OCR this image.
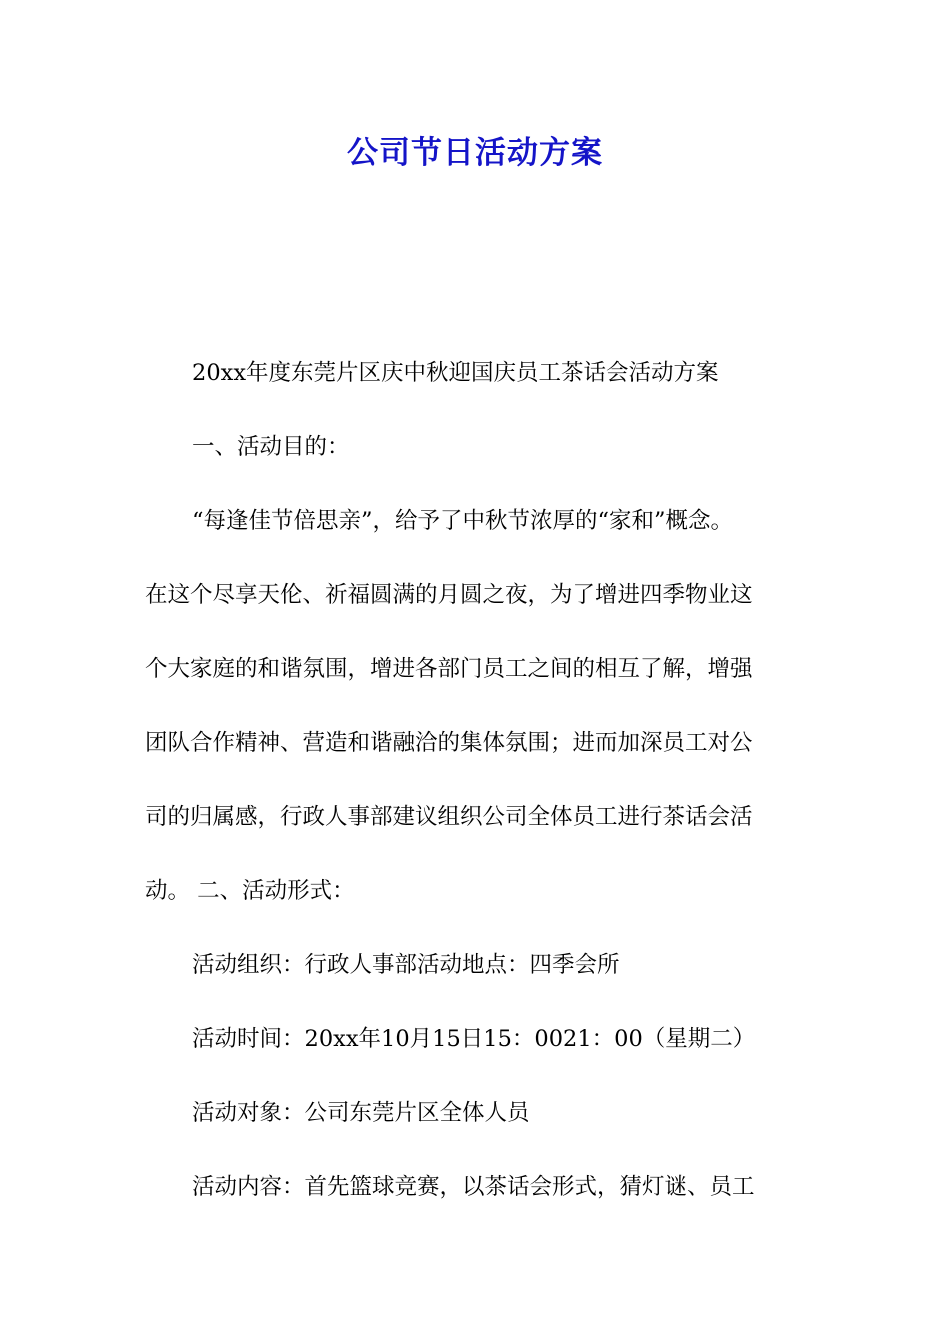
公司节日活动方案

20xx年度东莞片区庆中秋迎国庆员工茶话会活动方案

一、活动目的：

“每逢佳节倍思亲”，给予了中秋节浓厚的“家和”概念。

在这个尽享天伦、祈福圆满的月圆之夜，为了增进四季物业这

个大家庭的和谐氛围，增进各部门员工之间的相互了解，增强

团队合作精神、营造和谐融洽的集体氛围；进而加深员工对公

司的归属感，行政人事部建议组织公司全体员工进行茶话会活

动。 二、活动形式：

活动组织：行政人事部活动地点：四季会所

活动时间：20xx年10月15日15：0021：00（星期二）

活动对象：公司东莞片区全体人员

活动内容：首先篮球竞赛，以茶话会形式，猜灯谜、员工
